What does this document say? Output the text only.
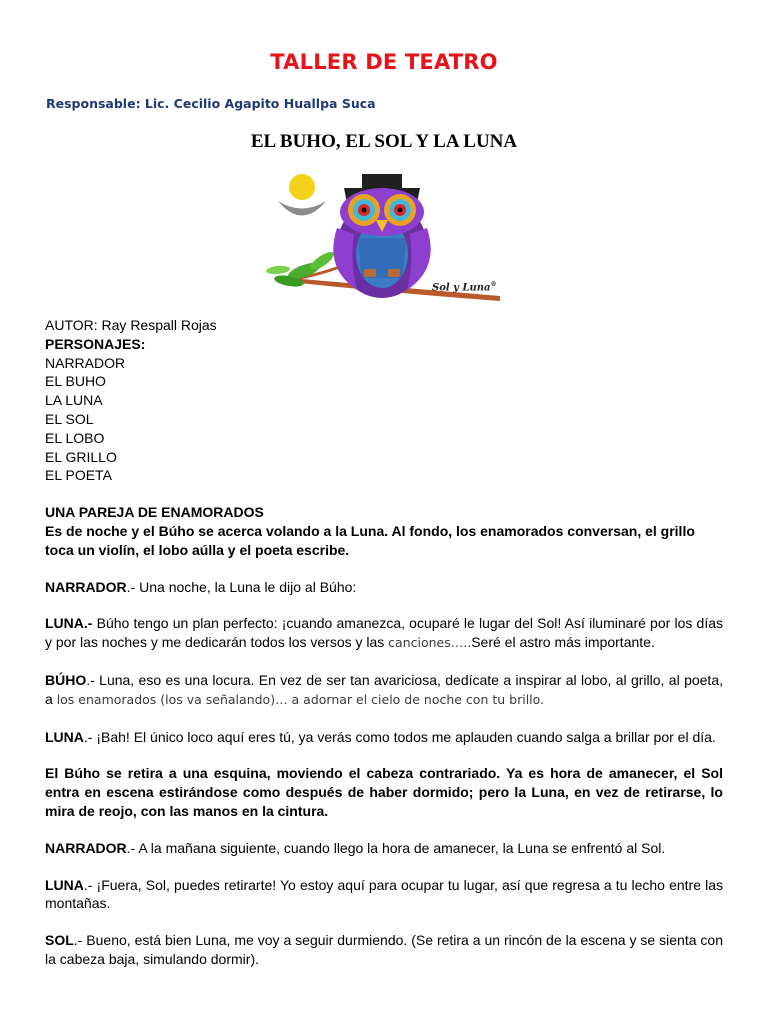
TALLER DE TEATRO
Responsable: Lic. Cecilio Agapito Huallpa Suca
EL BUHO, EL SOL Y LA LUNA
Sol y Luna®

AUTOR: Ray Respall Rojas

PERSONAJES:

NARRADOR

EL BUHO

LA LUNA

EL SOL

EL LOBO

EL GRILLO

EL POETA

UNA PAREJA DE ENAMORADOS

Es de noche y el Búho se acerca volando a la Luna. Al fondo, los enamorados conversan, el grillo toca un violín, el lobo aúlla y el poeta escribe.

NARRADOR.- Una noche, la Luna le dijo al Búho:

LUNA.- Búho tengo un plan perfecto: ¡cuando amanezca, ocuparé le lugar del Sol! Así iluminaré por los días y por las noches y me dedicarán todos los versos y las canciones…..Seré el astro más importante.

BÚHO.- Luna, eso es una locura. En vez de ser tan avariciosa, dedícate a inspirar al lobo, al grillo, al poeta, a los enamorados (los va señalando)… a adornar el cielo de noche con tu brillo.

LUNA.- ¡Bah! El único loco aquí eres tú, ya verás como todos me aplauden cuando salga a brillar por el día.

El Búho se retira a una esquina, moviendo el cabeza contrariado. Ya es hora de amanecer, el Sol entra en escena estirándose como después de haber dormido; pero la Luna, en vez de retirarse, lo mira de reojo, con las manos en la cintura.

NARRADOR.- A la mañana siguiente, cuando llego la hora de amanecer, la Luna se enfrentó al Sol.

LUNA.- ¡Fuera, Sol, puedes retirarte! Yo estoy aquí para ocupar tu lugar, así que regresa a tu lecho entre las montañas.

SOL.- Bueno, está bien Luna, me voy a seguir durmiendo. (Se retira a un rincón de la escena y se sienta con la cabeza baja, simulando dormir).
